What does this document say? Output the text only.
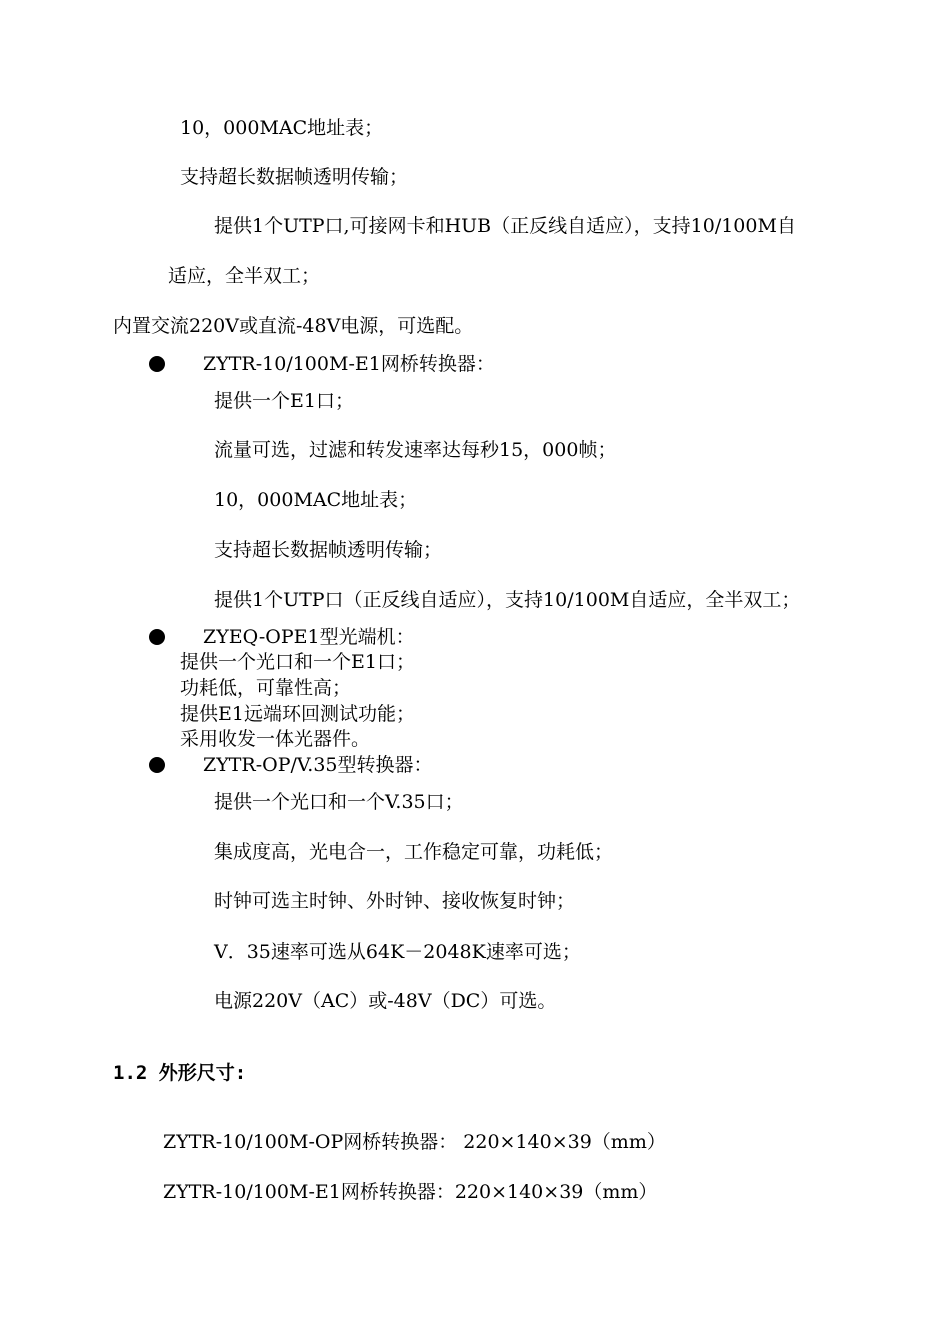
10，000MAC地址表；

支持超长数据帧透明传输；

提供1个UTP口,可接网卡和HUB（正反线自适应），支持10/100M自

适应，全半双工；

内置交流220V或直流-48V电源，可选配。

ZYTR-10/100M-E1网桥转换器：

提供一个E1口；

流量可选，过滤和转发速率达每秒15，000帧；

10，000MAC地址表；

支持超长数据帧透明传输；

提供1个UTP口（正反线自适应），支持10/100M自适应，全半双工；

ZYEQ-OPE1型光端机：

提供一个光口和一个E1口；

功耗低，可靠性高；

提供E1远端环回测试功能；

采用收发一体光器件。

ZYTR-OP/V.35型转换器：

提供一个光口和一个V.35口；

集成度高，光电合一，工作稳定可靠，功耗低；

时钟可选主时钟、外时钟、接收恢复时钟；

V．35速率可选从64K－2048K速率可选；

电源220V（AC）或-48V（DC）可选。

1.2 外形尺寸:

ZYTR-10/100M-OP网桥转换器： 220×140×39（mm）

ZYTR-10/100M-E1网桥转换器：220×140×39（mm）
